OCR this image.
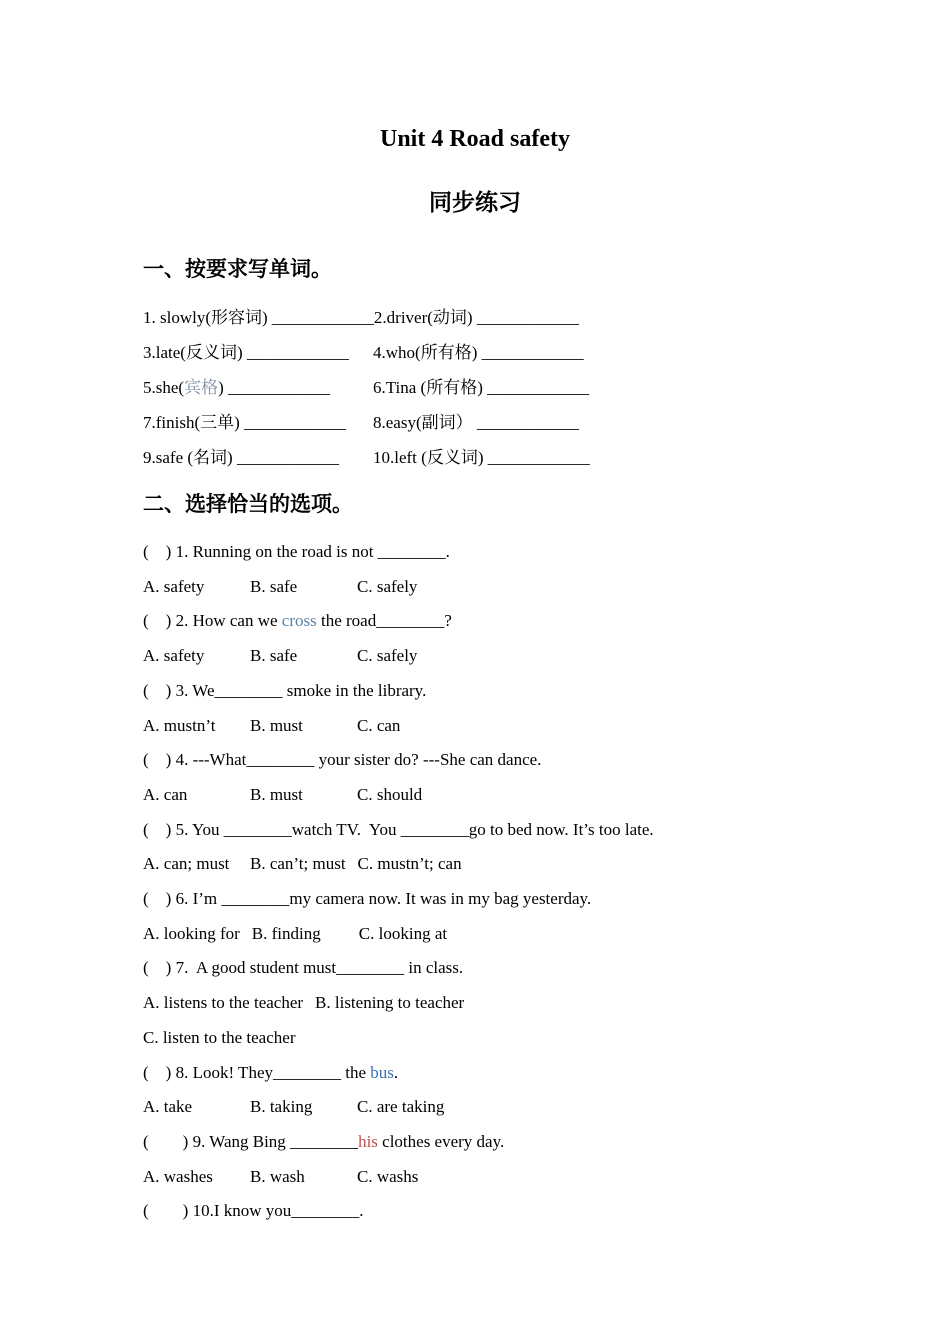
Unit 4 Road safety
同步练习
一、按要求写单词。

1. slowly(形容词) ____________2.driver(动词) ____________

3.late(反义词) ____________ 4.who(所有格) ____________

5.she(宾格) ____________	6.Tina (所有格) ____________

7.finish(三单) ____________ 8.easy(副词） ____________

9.safe (名词) ____________ 10.left (反义词) ____________

二、选择恰当的选项。

(    ) 1. Running on the road is not ________.

A. safety	B. safe	C. safely

(    ) 2. How can we cross the road________?

A. safety	B. safe	C. safely

(    ) 3. We________ smoke in the library.

A. mustn’t B. must	C. can

(    ) 4. ---What________ your sister do? ---She can dance.

A. can	B. must	C. should

(    ) 5. You ________watch TV.  You ________go to bed now. It’s too late.

A. can; must B. can’t; must C. mustn’t; can

(    ) 6. I’m ________my camera now. It was in my bag yesterday.

A. looking for B. finding C. looking at

(    ) 7.  A good student must________ in class.

A. listens to the teacher B. listening to teacher

C. listen to the teacher

(    ) 8. Look! They________ the bus.

A. take	B. taking	C. are taking

(        ) 9. Wang Bing ________his clothes every day.

A. washes B. wash	C. washs

(        ) 10.I know you________.
